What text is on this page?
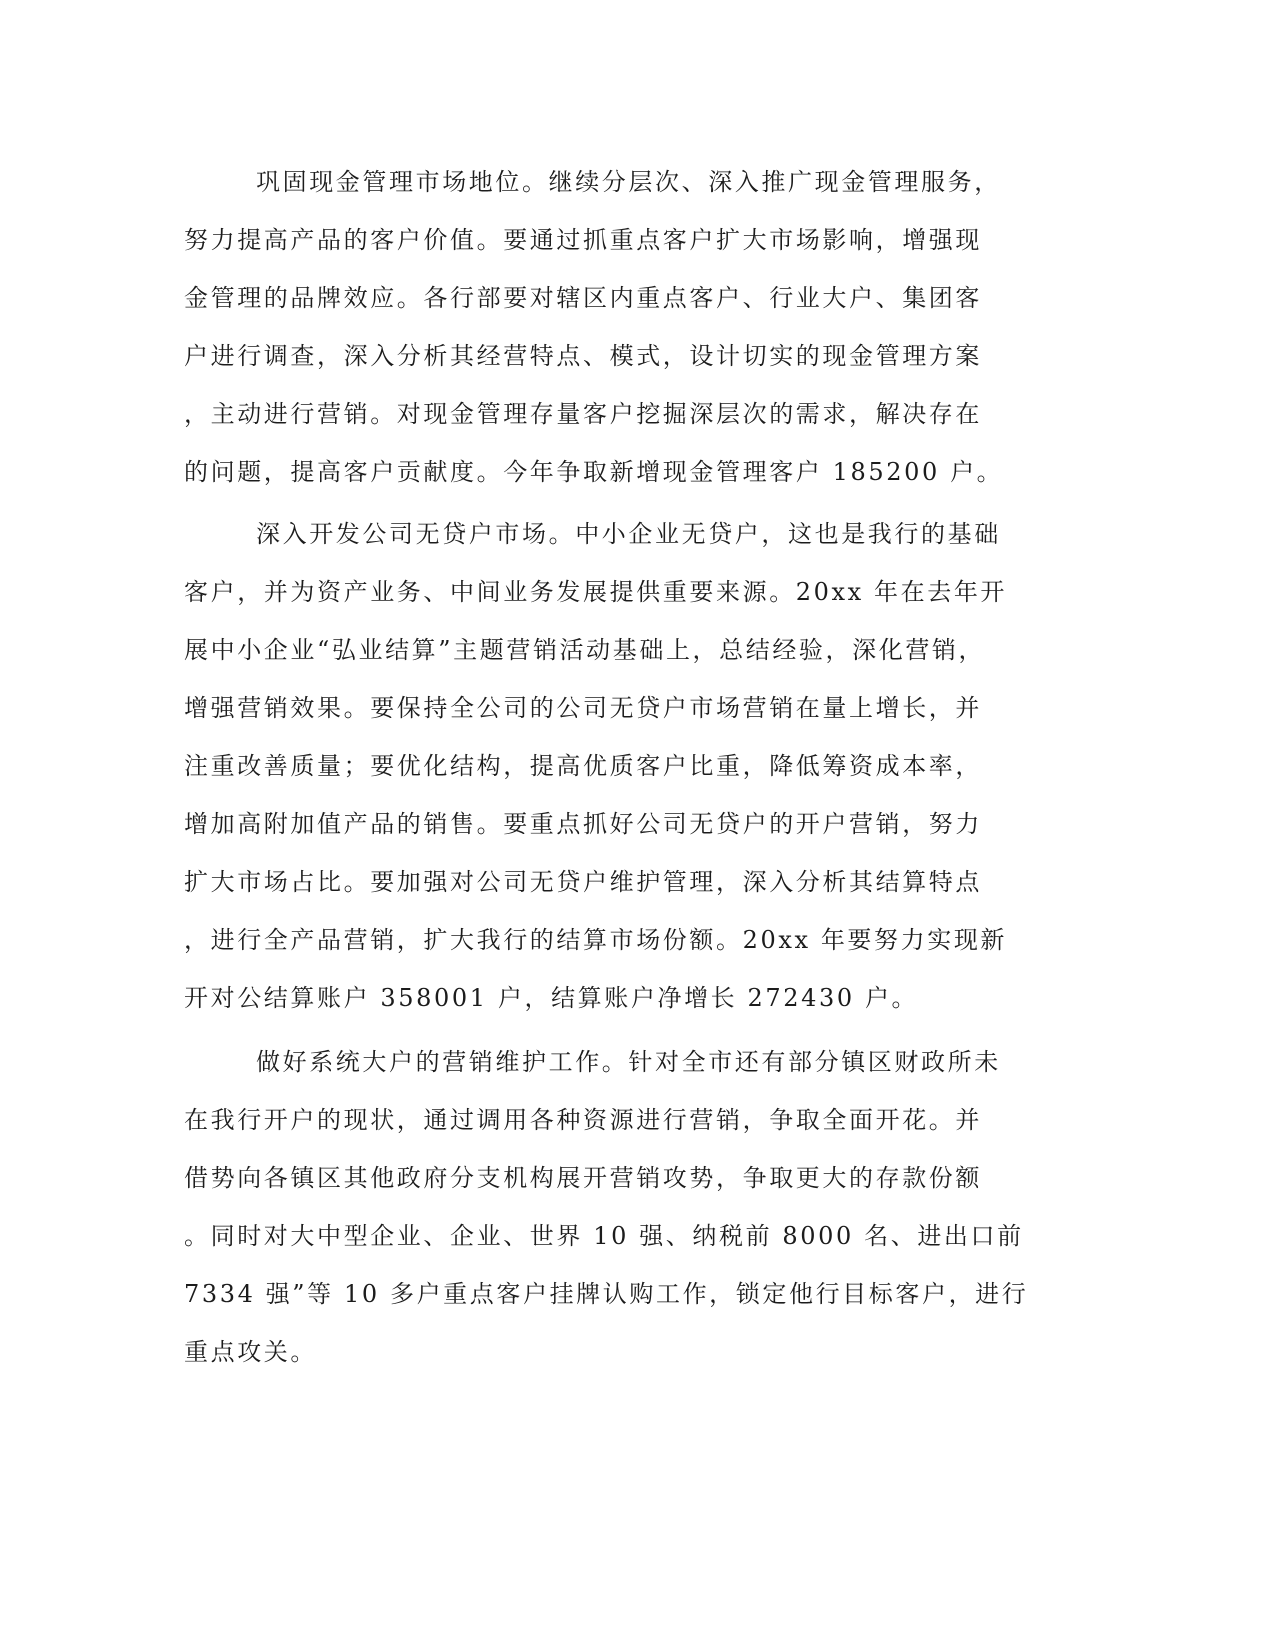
巩固现金管理市场地位。继续分层次、深入推广现金管理服务，
努力提高产品的客户价值。要通过抓重点客户扩大市场影响，增强现
金管理的品牌效应。各行部要对辖区内重点客户、行业大户、集团客
户进行调查，深入分析其经营特点、模式，设计切实的现金管理方案
，主动进行营销。对现金管理存量客户挖掘深层次的需求，解决存在
的问题，提高客户贡献度。今年争取新增现金管理客户 185200 户。
深入开发公司无贷户市场。中小企业无贷户，这也是我行的基础
客户，并为资产业务、中间业务发展提供重要来源。20xx 年在去年开
展中小企业“弘业结算”主题营销活动基础上，总结经验，深化营销，
增强营销效果。要保持全公司的公司无贷户市场营销在量上增长，并
注重改善质量；要优化结构，提高优质客户比重，降低筹资成本率，
增加高附加值产品的销售。要重点抓好公司无贷户的开户营销，努力
扩大市场占比。要加强对公司无贷户维护管理，深入分析其结算特点
，进行全产品营销，扩大我行的结算市场份额。20xx 年要努力实现新
开对公结算账户 358001 户，结算账户净增长 272430 户。
做好系统大户的营销维护工作。针对全市还有部分镇区财政所未
在我行开户的现状，通过调用各种资源进行营销，争取全面开花。并
借势向各镇区其他政府分支机构展开营销攻势，争取更大的存款份额
。同时对大中型企业、企业、世界 10 强、纳税前 8000 名、进出口前
7334 强”等 10 多户重点客户挂牌认购工作，锁定他行目标客户，进行
重点攻关。
